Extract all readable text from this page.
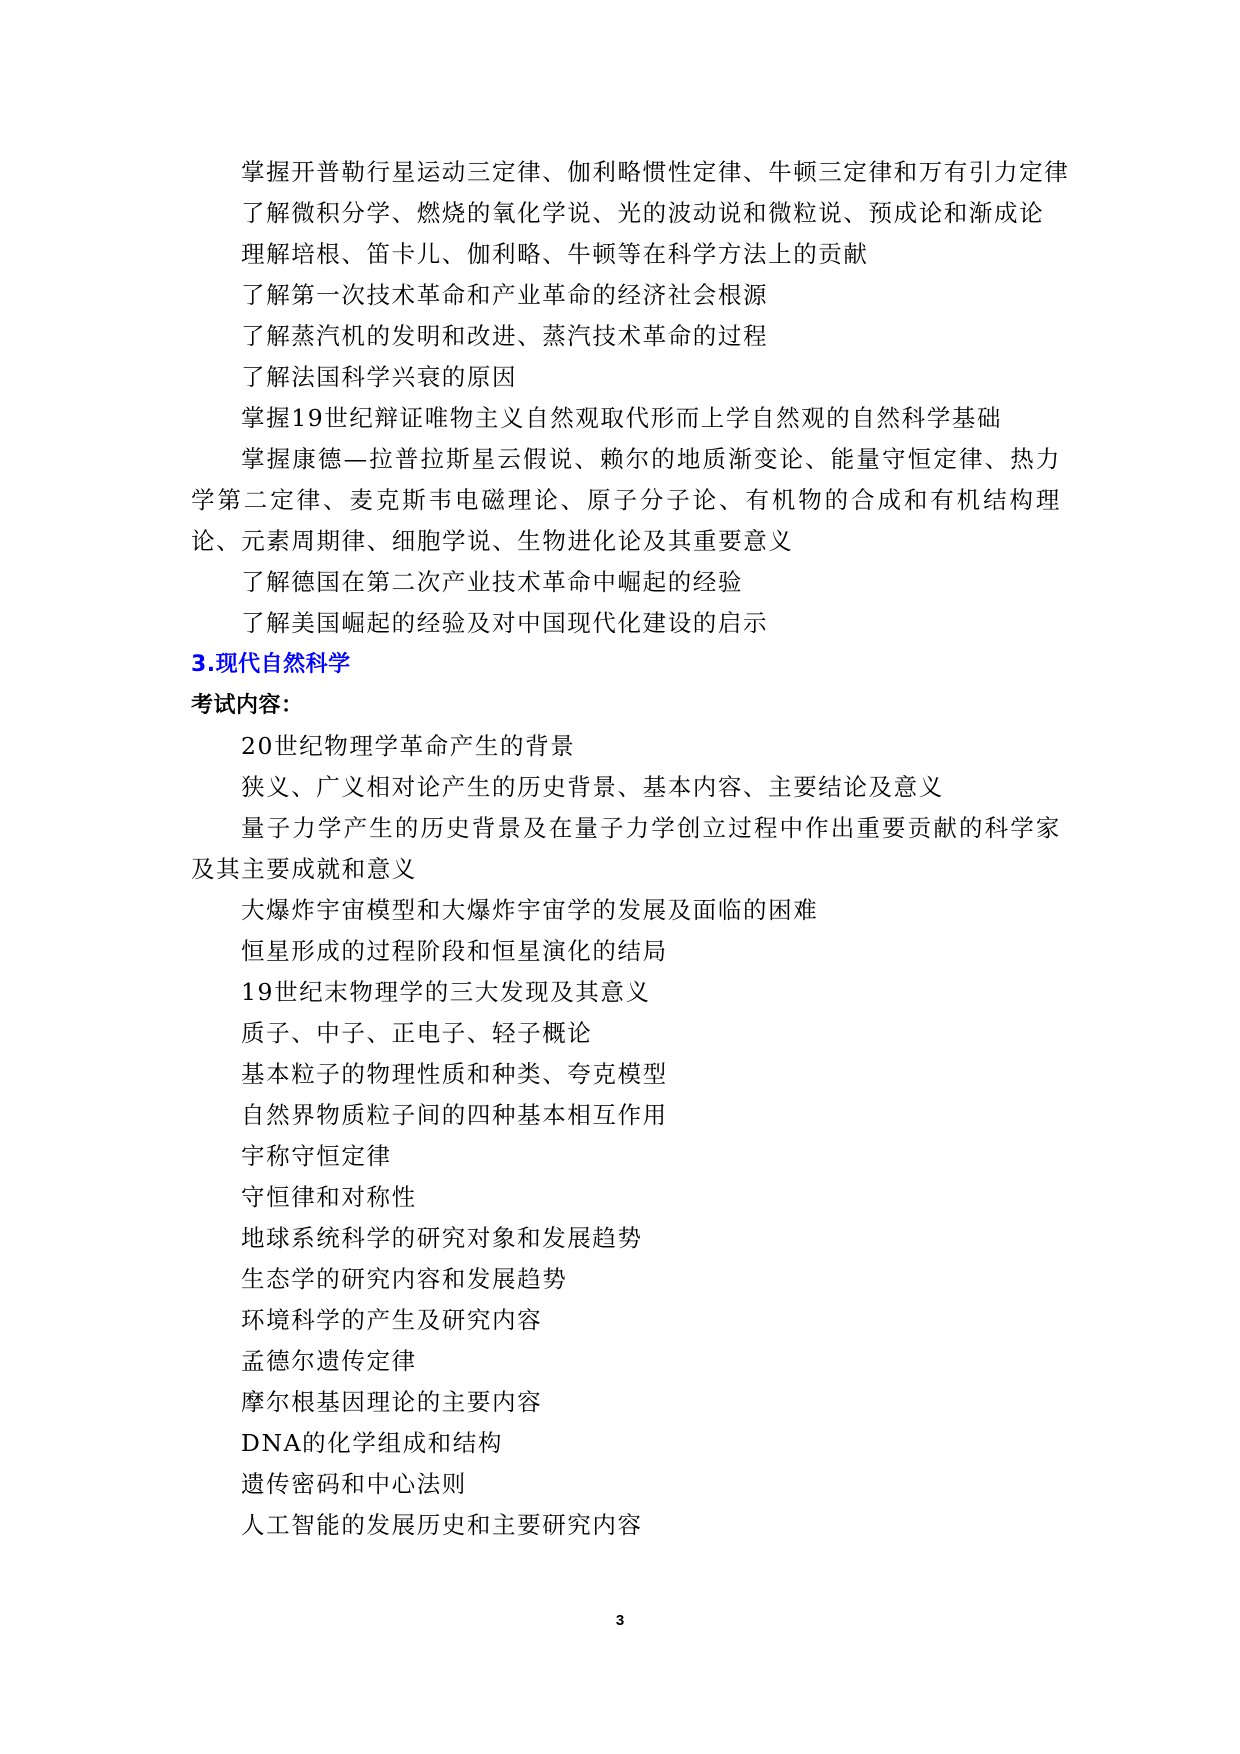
掌握开普勒行星运动三定律、伽利略惯性定律、牛顿三定律和万有引力定律
了解微积分学、燃烧的氧化学说、光的波动说和微粒说、预成论和渐成论
理解培根、笛卡儿、伽利略、牛顿等在科学方法上的贡献
了解第一次技术革命和产业革命的经济社会根源
了解蒸汽机的发明和改进、蒸汽技术革命的过程
了解法国科学兴衰的原因
掌握19世纪辩证唯物主义自然观取代形而上学自然观的自然科学基础
掌握康德—拉普拉斯星云假说、赖尔的地质渐变论、能量守恒定律、热力学第二定律、麦克斯韦电磁理论、原子分子论、有机物的合成和有机结构理论、元素周期律、细胞学说、生物进化论及其重要意义
了解德国在第二次产业技术革命中崛起的经验
了解美国崛起的经验及对中国现代化建设的启示
3.现代自然科学
考试内容：
20世纪物理学革命产生的背景
狭义、广义相对论产生的历史背景、基本内容、主要结论及意义
量子力学产生的历史背景及在量子力学创立过程中作出重要贡献的科学家及其主要成就和意义
大爆炸宇宙模型和大爆炸宇宙学的发展及面临的困难
恒星形成的过程阶段和恒星演化的结局
19世纪末物理学的三大发现及其意义
质子、中子、正电子、轻子概论
基本粒子的物理性质和种类、夸克模型
自然界物质粒子间的四种基本相互作用
宇称守恒定律
守恒律和对称性
地球系统科学的研究对象和发展趋势
生态学的研究内容和发展趋势
环境科学的产生及研究内容
孟德尔遗传定律
摩尔根基因理论的主要内容
DNA的化学组成和结构
遗传密码和中心法则
人工智能的发展历史和主要研究内容
3
